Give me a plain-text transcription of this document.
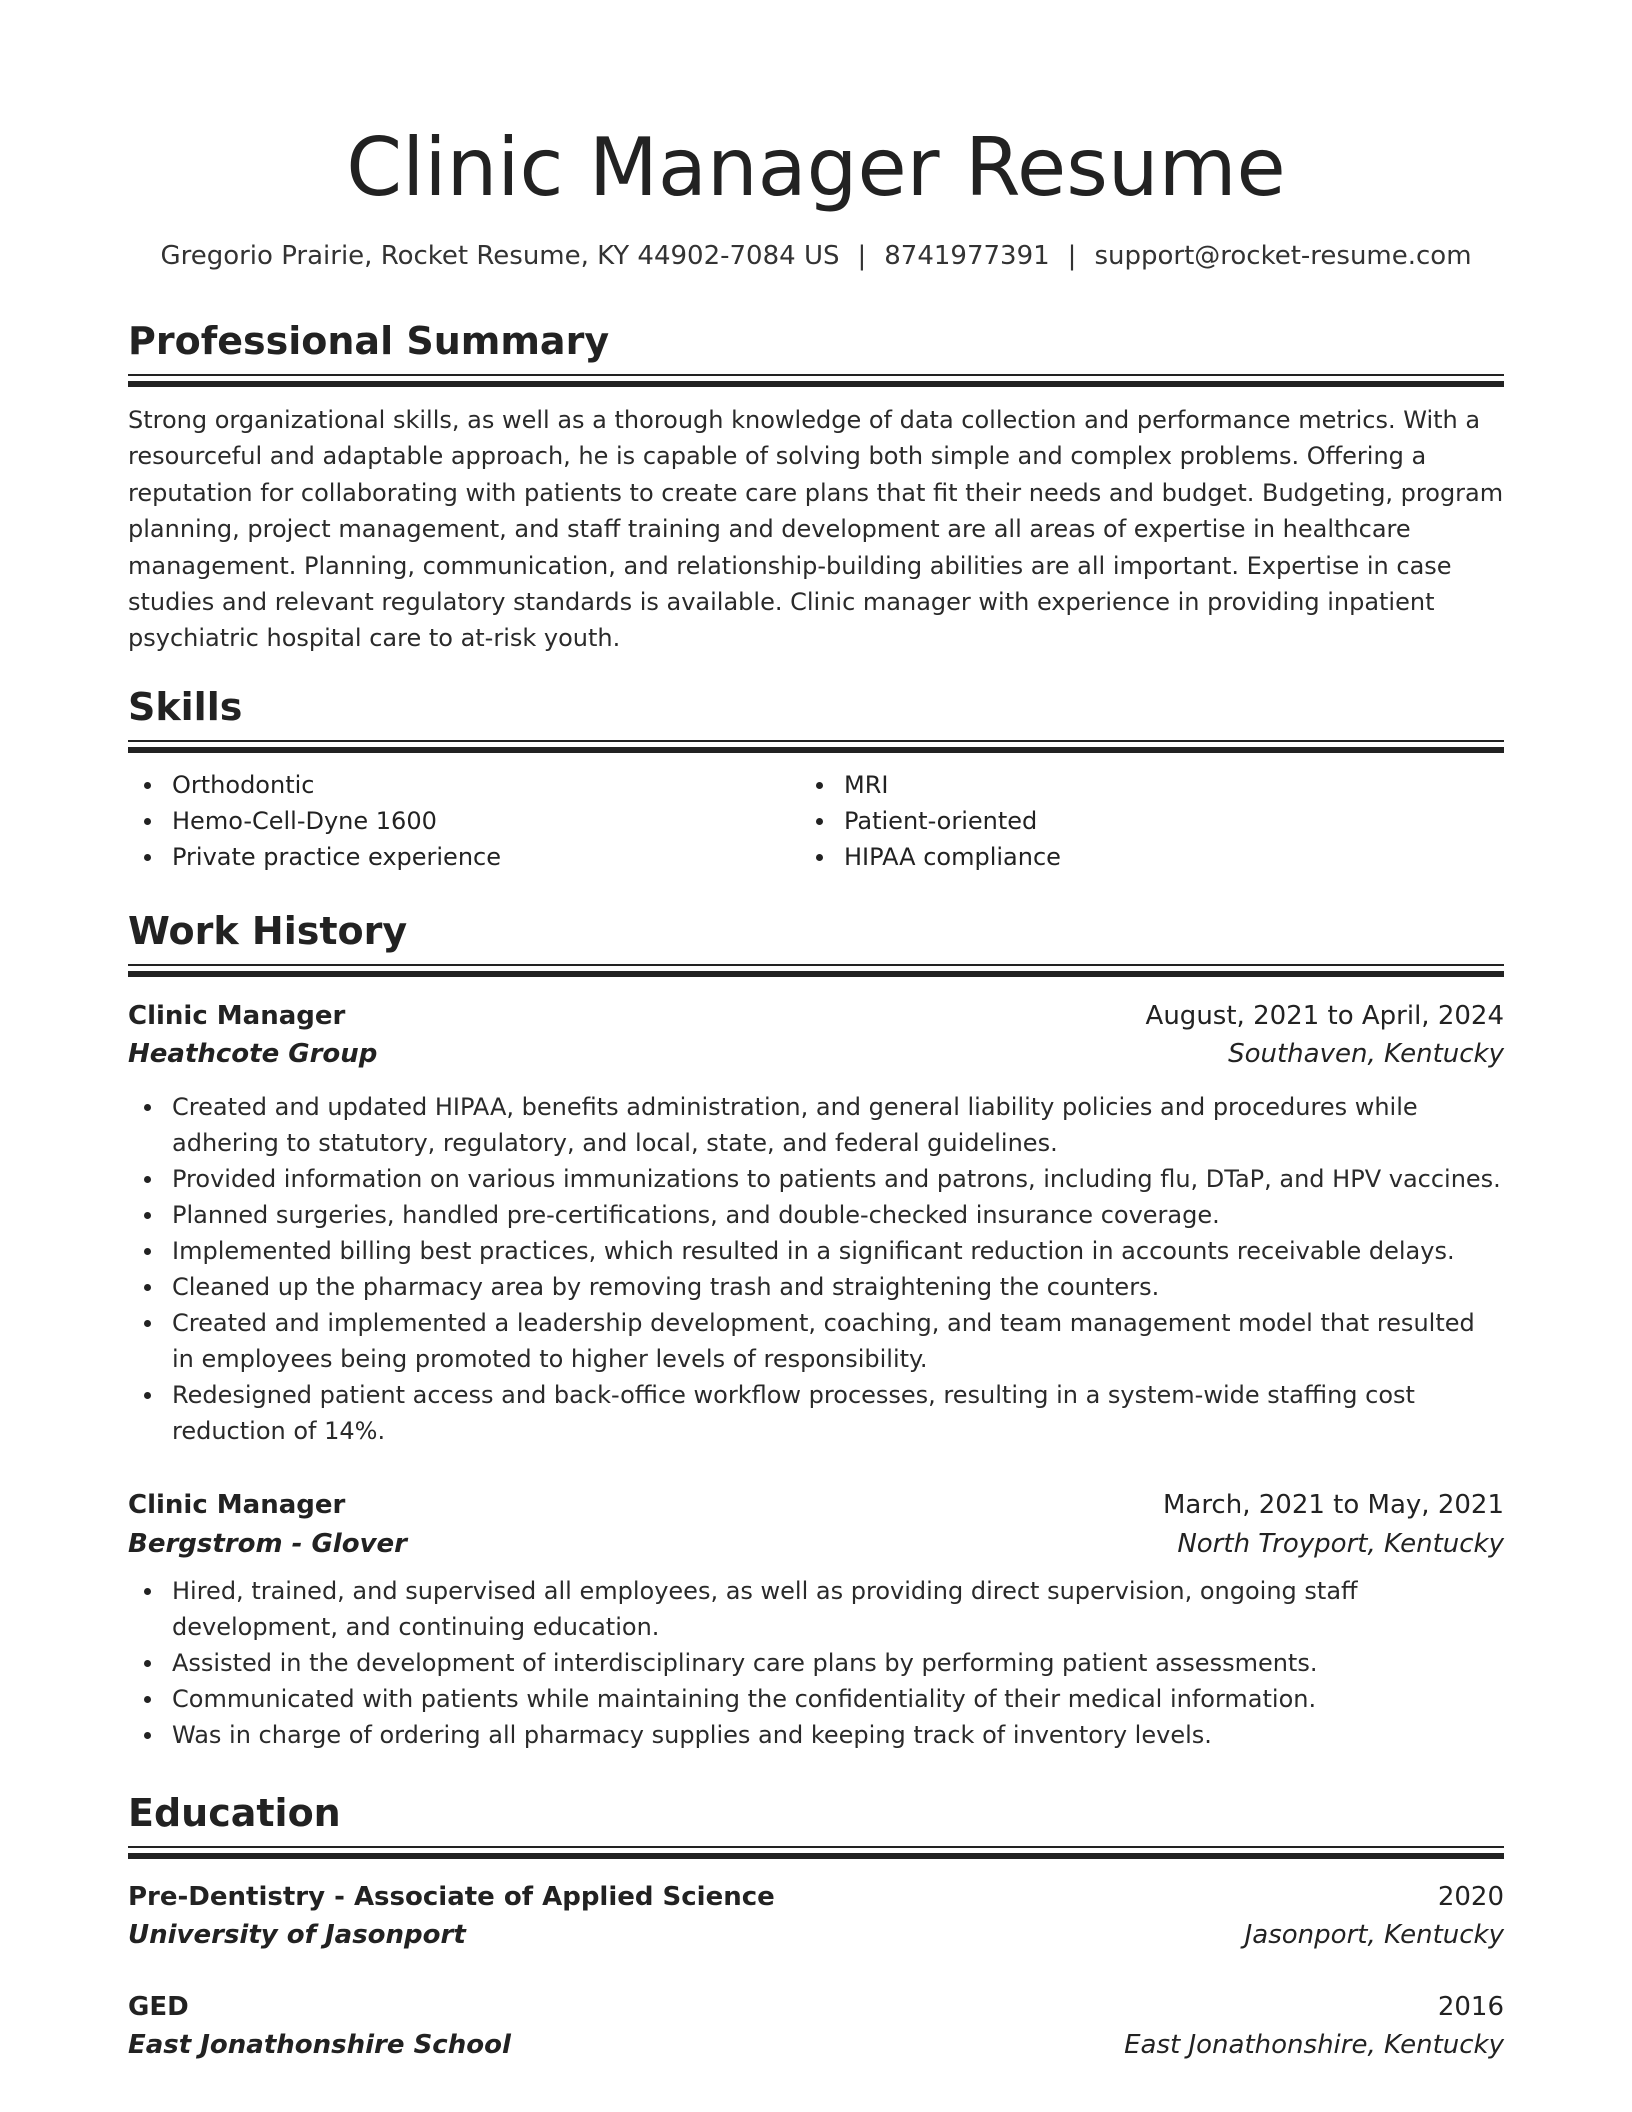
Clinic Manager Resume
Gregorio Prairie, Rocket Resume, KY 44902-7084 US | 8741977391 | support@rocket-resume.com
Professional Summary

Strong organizational skills, as well as a thorough knowledge of data collection and performance metrics. With a resourceful and adaptable approach, he is capable of solving both simple and complex problems. Offering a reputation for collaborating with patients to create care plans that fit their needs and budget. Budgeting, program planning, project management, and staff training and development are all areas of expertise in healthcare management. Planning, communication, and relationship-building abilities are all important. Expertise in case studies and relevant regulatory standards is available. Clinic manager with experience in providing inpatient psychiatric hospital care to at-risk youth.

Skills
Orthodontic
Hemo-Cell-Dyne 1600
Private practice experience
MRI
Patient-oriented
HIPAA compliance
Work History
Clinic Manager	August, 2021 to April, 2024
Heathcote Group	Southaven, Kentucky
Created and updated HIPAA, benefits administration, and general liability policies and procedures while adhering to statutory, regulatory, and local, state, and federal guidelines.
Provided information on various immunizations to patients and patrons, including flu, DTaP, and HPV vaccines.
Planned surgeries, handled pre-certifications, and double-checked insurance coverage.
Implemented billing best practices, which resulted in a significant reduction in accounts receivable delays.
Cleaned up the pharmacy area by removing trash and straightening the counters.
Created and implemented a leadership development, coaching, and team management model that resulted in employees being promoted to higher levels of responsibility.
Redesigned patient access and back-office workflow processes, resulting in a system-wide staffing cost reduction of 14%.
Clinic Manager	March, 2021 to May, 2021
Bergstrom - Glover	North Troyport, Kentucky
Hired, trained, and supervised all employees, as well as providing direct supervision, ongoing staff development, and continuing education.
Assisted in the development of interdisciplinary care plans by performing patient assessments.
Communicated with patients while maintaining the confidentiality of their medical information.
Was in charge of ordering all pharmacy supplies and keeping track of inventory levels.
Education
Pre-Dentistry - Associate of Applied Science	2020
University of Jasonport	Jasonport, Kentucky
GED	2016
East Jonathonshire School	East Jonathonshire, Kentucky
